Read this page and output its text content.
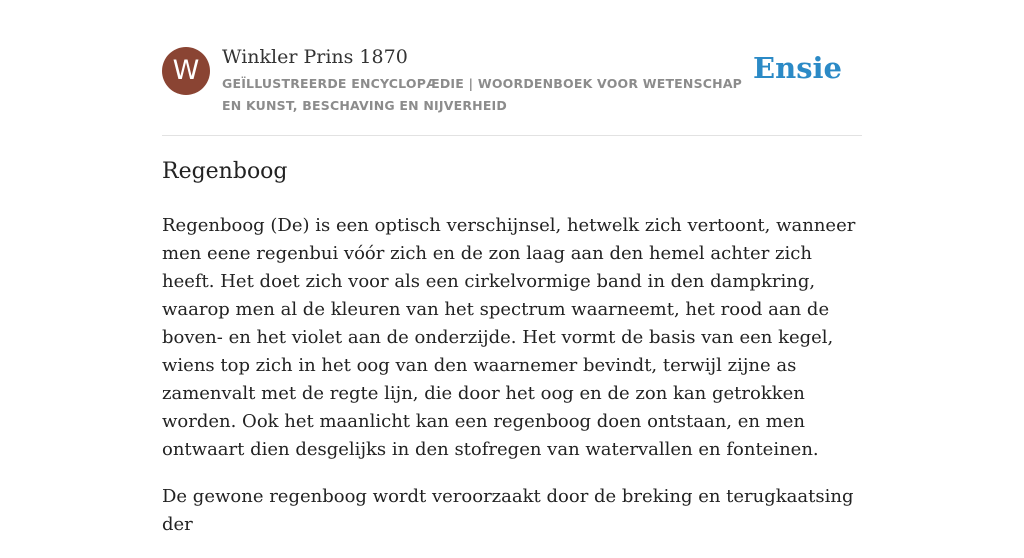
W	Winkler Prins 1870
GEÏLLUSTREERDE ENCYCLOPÆDIE | WOORDENBOEK VOOR WETENSCHAP EN KUNST, BESCHAVING EN NIJVERHEID
Ensie
Regenboog

Regenboog (De) is een optisch verschijnsel, hetwelk zich vertoont, wanneer men eene regenbui vóór zich en de zon laag aan den hemel achter zich heeft. Het doet zich voor als een cirkelvormige band in den dampkring, waarop men al de kleuren van het spectrum waarneemt, het rood aan de boven- en het violet aan de onderzijde. Het vormt de basis van een kegel, wiens top zich in het oog van den waarnemer bevindt, terwijl zijne as zamenvalt met de regte lijn, die door het oog en de zon kan getrokken worden. Ook het maanlicht kan een regenboog doen ontstaan, en men ontwaart dien desgelijks in den stofregen van watervallen en fonteinen.

De gewone regenboog wordt veroorzaakt door de breking en terugkaatsing der
